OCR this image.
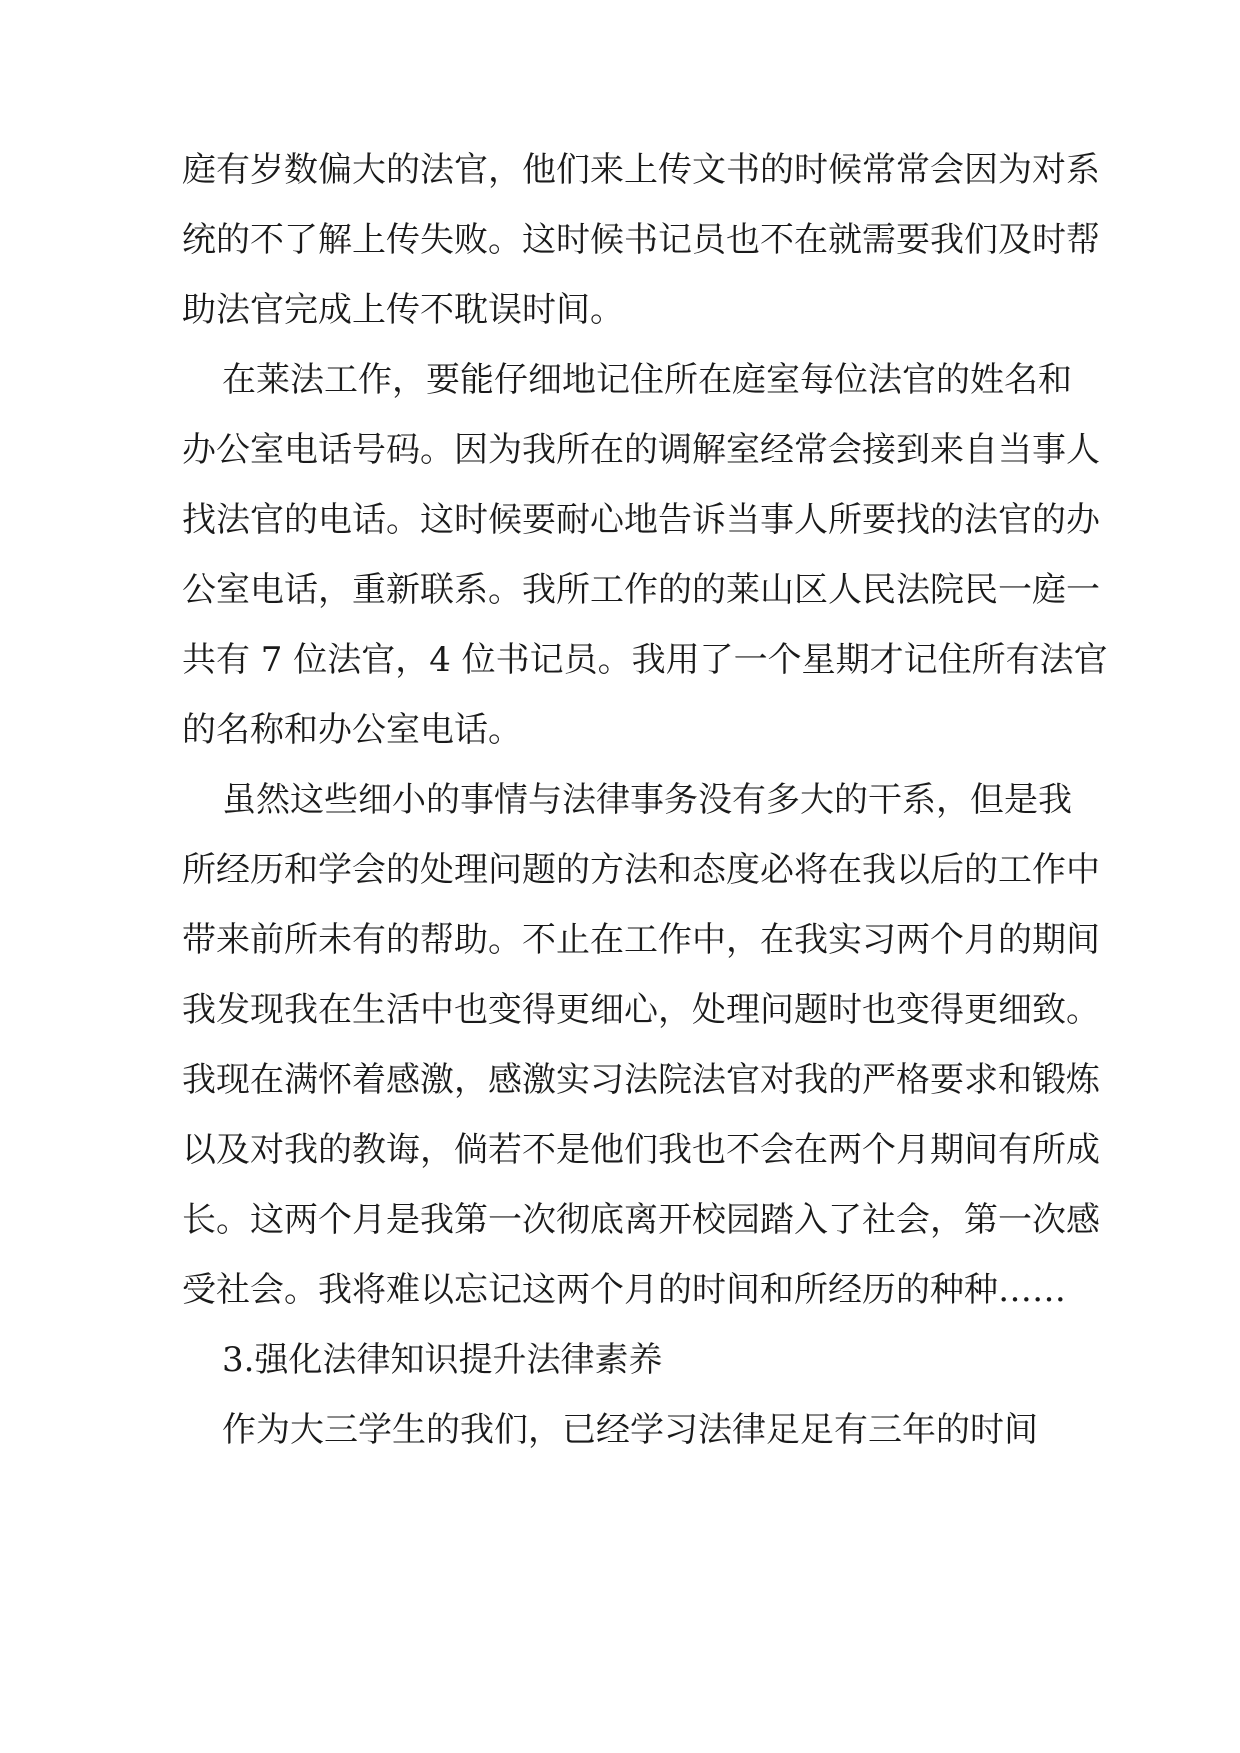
庭有岁数偏大的法官，他们来上传文书的时候常常会因为对系
统的不了解上传失败。这时候书记员也不在就需要我们及时帮
助法官完成上传不耽误时间。
在莱法工作，要能仔细地记住所在庭室每位法官的姓名和
办公室电话号码。因为我所在的调解室经常会接到来自当事人
找法官的电话。这时候要耐心地告诉当事人所要找的法官的办
公室电话，重新联系。我所工作的的莱山区人民法院民一庭一
共有 7 位法官，4 位书记员。我用了一个星期才记住所有法官
的名称和办公室电话。
虽然这些细小的事情与法律事务没有多大的干系，但是我
所经历和学会的处理问题的方法和态度必将在我以后的工作中
带来前所未有的帮助。不止在工作中，在我实习两个月的期间
我发现我在生活中也变得更细心，处理问题时也变得更细致。
我现在满怀着感激，感激实习法院法官对我的严格要求和锻炼
以及对我的教诲，倘若不是他们我也不会在两个月期间有所成
长。这两个月是我第一次彻底离开校园踏入了社会，第一次感
受社会。我将难以忘记这两个月的时间和所经历的种种……
3.强化法律知识提升法律素养
作为大三学生的我们，已经学习法律足足有三年的时间
